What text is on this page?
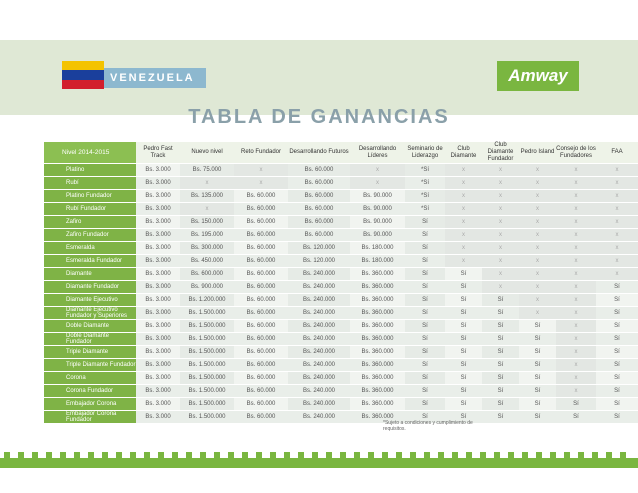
VENEZUELA	Amway
TABLA DE GANANCIAS
Nivel 2014-2015	Pedro Fast Track	Nuevo nivel	Reto Fundador	Desarrollando Futuros	Desarrollando Líderes	Seminario de Liderazgo	Club Diamante	Club Diamante Fundador	Pedro Island	Consejo de los Fundadores	FAA

Platino	Bs. 3.000	Bs. 75.000	x	Bs. 60.000	x	*Sí	x	x	x	x	x

Rubí	Bs. 3.000	x	x	Bs. 60.000	x	*Sí	x	x	x	x	x

Platino Fundador	Bs. 3.000	Bs. 135.000	Bs. 60.000	Bs. 60.000	Bs. 90.000	*Sí	x	x	x	x	x

Rubí Fundador	Bs. 3.000	x	Bs. 60.000	Bs. 60.000	Bs. 90.000	*Sí	x	x	x	x	x

Zafiro	Bs. 3.000	Bs. 150.000	Bs. 60.000	Bs. 60.000	Bs. 90.000	Sí	x	x	x	x	x

Zafiro Fundador	Bs. 3.000	Bs. 195.000	Bs. 60.000	Bs. 60.000	Bs. 90.000	Sí	x	x	x	x	x

Esmeralda	Bs. 3.000	Bs. 300.000	Bs. 60.000	Bs. 120.000	Bs. 180.000	Sí	x	x	x	x	x

Esmeralda Fundador	Bs. 3.000	Bs. 450.000	Bs. 60.000	Bs. 120.000	Bs. 180.000	Sí	x	x	x	x	x

Diamante	Bs. 3.000	Bs. 600.000	Bs. 60.000	Bs. 240.000	Bs. 360.000	Sí	Sí	x	x	x	x

Diamante Fundador	Bs. 3.000	Bs. 900.000	Bs. 60.000	Bs. 240.000	Bs. 360.000	Sí	Sí	x	x	x	Sí

Diamante Ejecutivo	Bs. 3.000	Bs. 1.200.000	Bs. 60.000	Bs. 240.000	Bs. 360.000	Sí	Sí	Sí	x	x	Sí

Diamante Ejecutivo Fundador y Superiores	Bs. 3.000	Bs. 1.500.000	Bs. 60.000	Bs. 240.000	Bs. 360.000	Sí	Sí	Sí	x	x	Sí

Doble Diamante	Bs. 3.000	Bs. 1.500.000	Bs. 60.000	Bs. 240.000	Bs. 360.000	Sí	Sí	Sí	Sí	x	Sí

Doble Diamante Fundador	Bs. 3.000	Bs. 1.500.000	Bs. 60.000	Bs. 240.000	Bs. 360.000	Sí	Sí	Sí	Sí	x	Sí

Triple Diamante	Bs. 3.000	Bs. 1.500.000	Bs. 60.000	Bs. 240.000	Bs. 360.000	Sí	Sí	Sí	Sí	x	Sí

Triple Diamante Fundador	Bs. 3.000	Bs. 1.500.000	Bs. 60.000	Bs. 240.000	Bs. 360.000	Sí	Sí	Sí	Sí	x	Sí

Corona	Bs. 3.000	Bs. 1.500.000	Bs. 60.000	Bs. 240.000	Bs. 360.000	Sí	Sí	Sí	Sí	x	Sí

Corona Fundador	Bs. 3.000	Bs. 1.500.000	Bs. 60.000	Bs. 240.000	Bs. 360.000	Sí	Sí	Sí	Sí	x	Sí

Embajador Corona	Bs. 3.000	Bs. 1.500.000	Bs. 60.000	Bs. 240.000	Bs. 360.000	Sí	Sí	Sí	Sí	Sí	Sí

Embajador Corona Fundador	Bs. 3.000	Bs. 1.500.000	Bs. 60.000	Bs. 240.000	Bs. 360.000	Sí	Sí	Sí	Sí	Sí	Sí
*Sujeto a condiciones y cumplimiento de requisitos.
